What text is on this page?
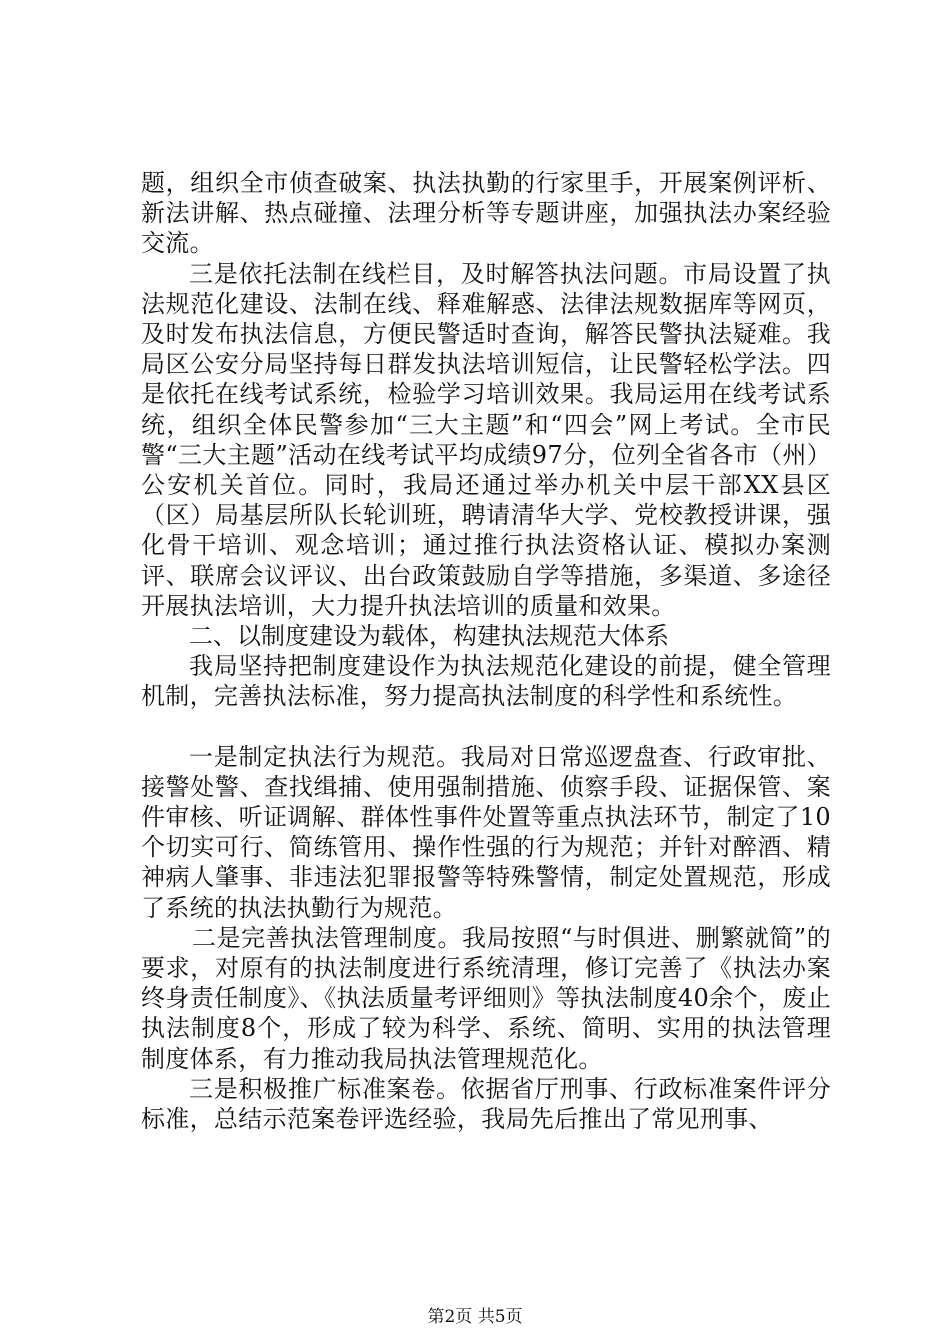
题，组织全市侦查破案、执法执勤的行家里手，开展案例评析、新法讲解、热点碰撞、法理分析等专题讲座，加强执法办案经验交流。

三是依托法制在线栏目，及时解答执法问题。市局设置了执法规范化建设、法制在线、释难解惑、法律法规数据库等网页，及时发布执法信息，方便民警适时查询，解答民警执法疑难。我局区公安分局坚持每日群发执法培训短信，让民警轻松学法。四是依托在线考试系统，检验学习培训效果。我局运用在线考试系统，组织全体民警参加“三大主题”和“四会”网上考试。全市民警“三大主题”活动在线考试平均成绩97分，位列全省各市（州）公安机关首位。同时，我局还通过举办机关中层干部XX县区（区）局基层所队长轮训班，聘请清华大学、党校教授讲课，强化骨干培训、观念培训；通过推行执法资格认证、模拟办案测评、联席会议评议、出台政策鼓励自学等措施，多渠道、多途径开展执法培训，大力提升执法培训的质量和效果。

二、以制度建设为载体，构建执法规范大体系

我局坚持把制度建设作为执法规范化建设的前提，健全管理机制，完善执法标准，努力提高执法制度的科学性和系统性。

一是制定执法行为规范。我局对日常巡逻盘查、行政审批、接警处警、查找缉捕、使用强制措施、侦察手段、证据保管、案件审核、听证调解、群体性事件处置等重点执法环节，制定了10个切实可行、简练管用、操作性强的行为规范；并针对醉酒、精神病人肇事、非违法犯罪报警等特殊警情，制定处置规范，形成了系统的执法执勤行为规范。

二是完善执法管理制度。我局按照“与时俱进、删繁就简”的要求，对原有的执法制度进行系统清理，修订完善了《执法办案终身责任制度》、《执法质量考评细则》等执法制度40余个，废止执法制度8个，形成了较为科学、系统、简明、实用的执法管理制度体系，有力推动我局执法管理规范化。

三是积极推广标准案卷。依据省厅刑事、行政标准案件评分标准，总结示范案卷评选经验，我局先后推出了常见刑事、

第2页 共5页
